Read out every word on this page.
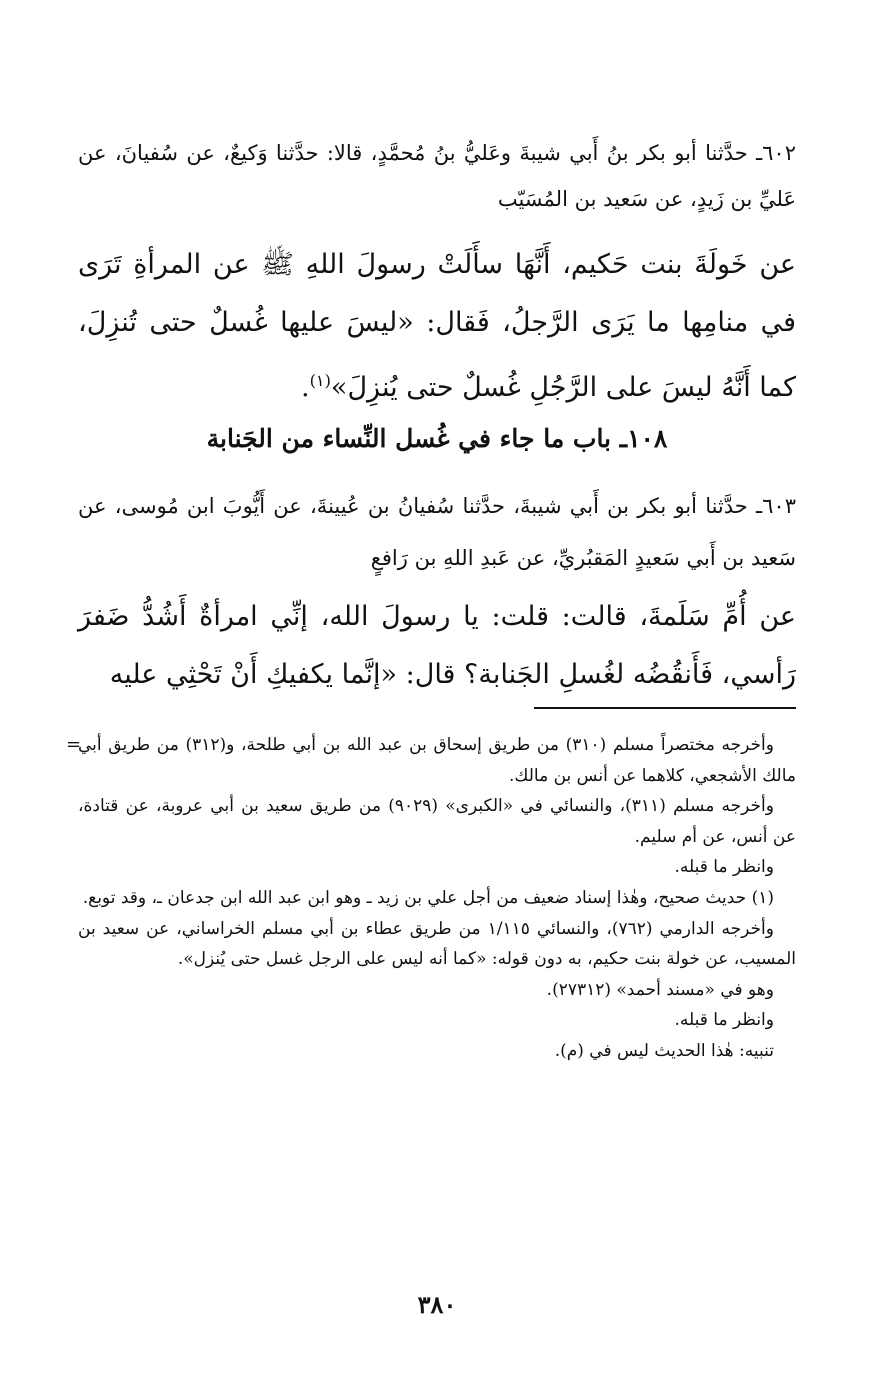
٦٠٢ـ حدَّثنا أبو بكر بنُ أَبي شيبةَ وعَليُّ بنُ مُحمَّدٍ، قالا: حدَّثنا وَكيعٌ، عن سُفيانَ، عن عَليِّ بن زَيدٍ، عن سَعيد بن المُسَيّب
عن خَولَةَ بنت حَكيم، أَنَّهَا سأَلَتْ رسولَ اللهِ ﷺ عن المرأةِ تَرَى في منامِها ما يَرَى الرَّجلُ، فَقال: «ليسَ عليها غُسلٌ حتى تُنزِلَ، كما أَنَّهُ ليسَ على الرَّجُلِ غُسلٌ حتى يُنزِلَ»$^{(١)}$.
١٠٨ـ باب ما جاء في غُسل النِّساء من الجَنابة
٦٠٣ـ حدَّثنا أبو بكر بن أَبي شيبةَ، حدَّثنا سُفيانُ بن عُيينةَ، عن أَيُّوبَ ابن مُوسى، عن سَعيد بن أَبي سَعيدٍ المَقبُريِّ، عن عَبدِ اللهِ بن رَافعٍ
عن أُمِّ سَلَمةَ، قالت: قلت: يا رسولَ الله، إنِّي امرأةٌ أَشُدُّ ضَفرَ رَأسي، فَأَنقُضُه لغُسلِ الجَنابة؟ قال: «إنَّما يكفيكِ أَنْ تَحْثِي عليه
=

وأخرجه مختصراً مسلم (٣١٠) من طريق إسحاق بن عبد الله بن أبي طلحة، و(٣١٢) من طريق أبي مالك الأشجعي، كلاهما عن أنس بن مالك.

وأخرجه مسلم (٣١١)، والنسائي في «الكبرى» (٩٠٢٩) من طريق سعيد بن أبي عروبة، عن قتادة، عن أنس، عن أم سليم.

وانظر ما قبله.

(١) حديث صحيح، وهٰذا إسناد ضعيف من أجل علي بن زيد ـ وهو ابن عبد الله ابن جدعان ـ، وقد توبع.

وأخرجه الدارمي (٧٦٢)، والنسائي ١/١١٥ من طريق عطاء بن أبي مسلم الخراساني، عن سعيد بن المسيب، عن خولة بنت حكيم، به دون قوله: «كما أنه ليس على الرجل غسل حتى يُنزل».

وهو في «مسند أحمد» (٢٧٣١٢).

وانظر ما قبله.

تنبيه: هٰذا الحديث ليس في (م).

٣٨٠
